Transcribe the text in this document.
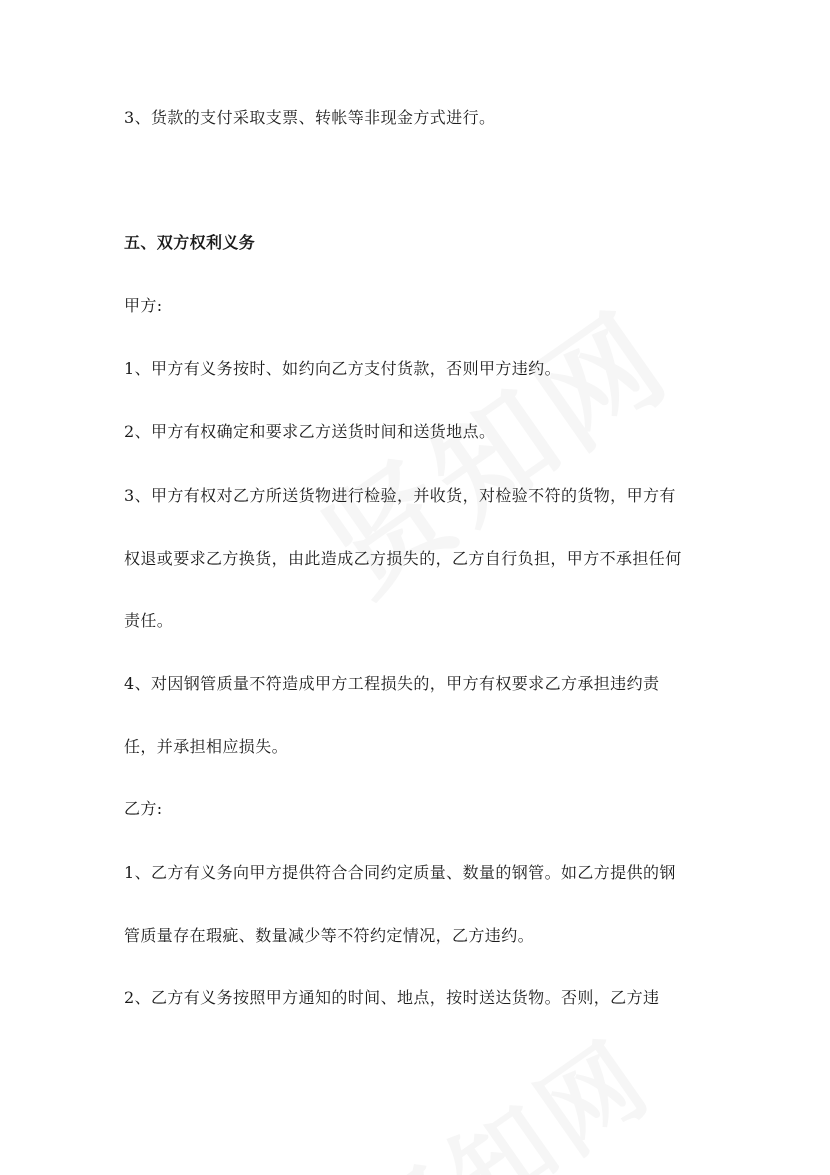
3、货款的支付采取支票、转帐等非现金方式进行。
五、双方权利义务
甲方:
1、甲方有义务按时、如约向乙方支付货款，否则甲方违约。
2、甲方有权确定和要求乙方送货时间和送货地点。
3、甲方有权对乙方所送货物进行检验，并收货，对检验不符的货物，甲方有
权退或要求乙方换货，由此造成乙方损失的，乙方自行负担，甲方不承担任何
责任。
4、对因钢管质量不符造成甲方工程损失的，甲方有权要求乙方承担违约责
任，并承担相应损失。
乙方:
1、乙方有义务向甲方提供符合合同约定质量、数量的钢管。如乙方提供的钢
管质量存在瑕疵、数量减少等不符约定情况，乙方违约。
2、乙方有义务按照甲方通知的时间、地点，按时送达货物。否则，乙方违
